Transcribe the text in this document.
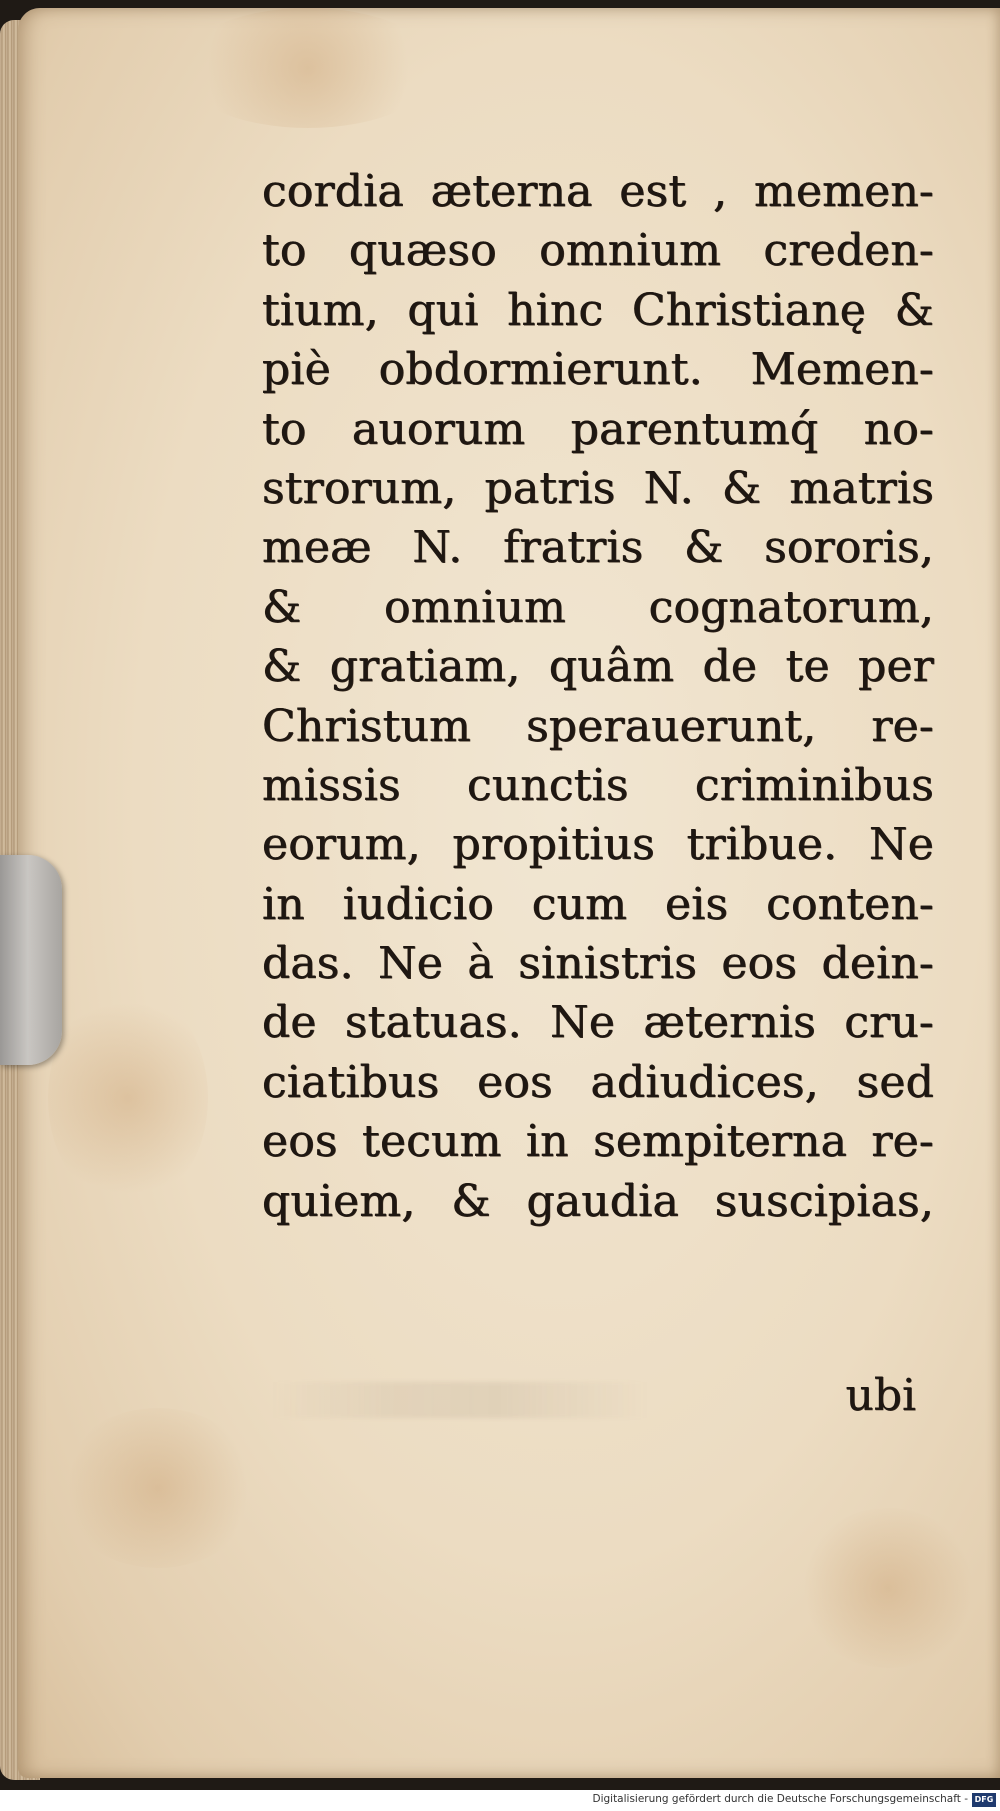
cordia æterna est , memen-
to quæso omnium creden-
tium, qui hinc Christianę &
piè obdormierunt. Memen-
to auorum parentumq́ no-
strorum, patris N. & matris
meæ N. fratris & sororis,
& omnium cognatorum,
& gratiam, quâm de te per
Christum sperauerunt, re-
missis cunctis criminibus
eorum, propitius tribue. Ne
in iudicio cum eis conten-
das. Ne à sinistris eos dein-
de statuas. Ne æternis cru-
ciatibus eos adiudices, sed
eos tecum in sempiterna re-
quiem, & gaudia suscipias,
ubi
Digitalisierung gefördert durch die Deutsche Forschungsgemeinschaft - DFG
